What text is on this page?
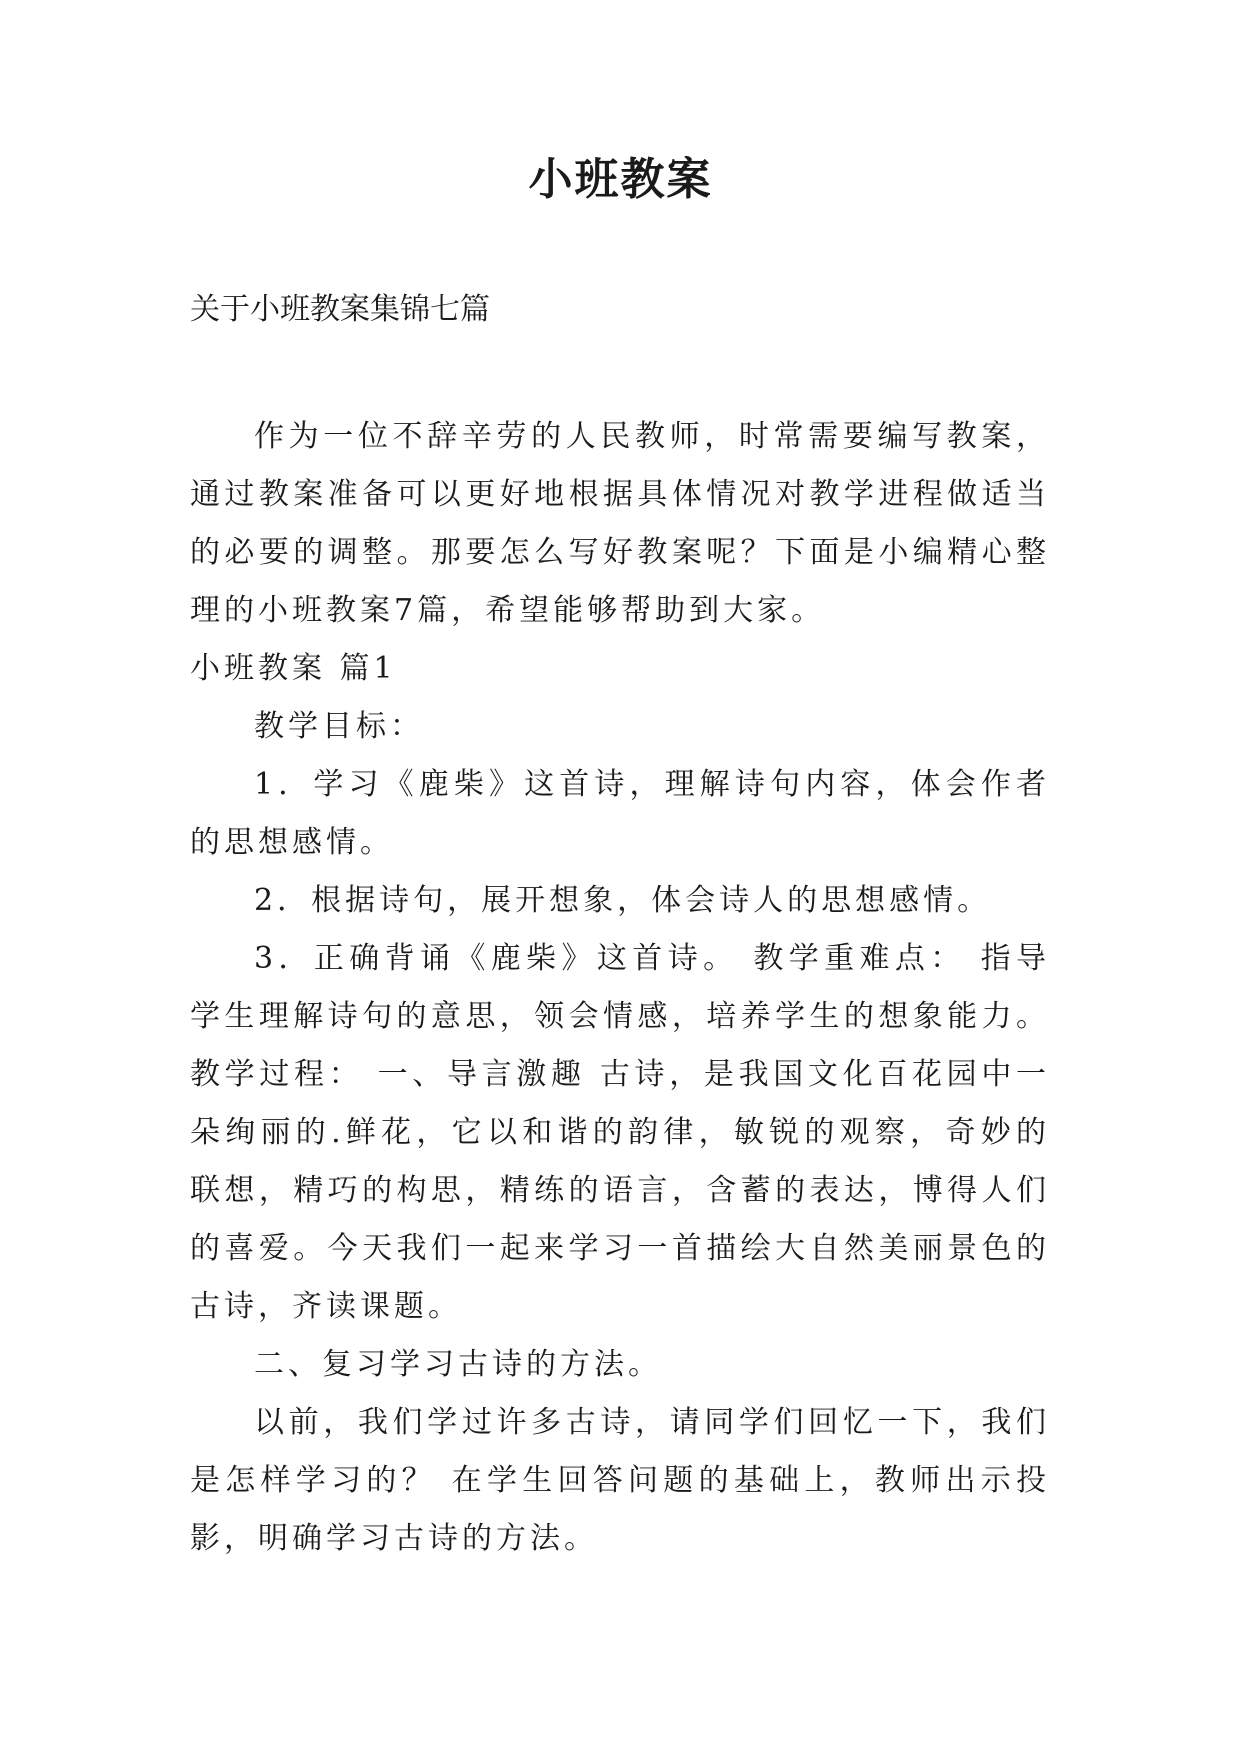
小班教案
关于小班教案集锦七篇

作为一位不辞辛劳的人民教师，时常需要编写教案，通过教案准备可以更好地根据具体情况对教学进程做适当的必要的调整。那要怎么写好教案呢？下面是小编精心整理的小班教案7篇，希望能够帮助到大家。

小班教案 篇1

教学目标：

1．学习《鹿柴》这首诗，理解诗句内容，体会作者的思想感情。

2．根据诗句，展开想象，体会诗人的思想感情。

3．正确背诵《鹿柴》这首诗。 教学重难点： 指导学生理解诗句的意思，领会情感，培养学生的想象能力。 教学过程： 一、导言激趣 古诗，是我国文化百花园中一朵绚丽的.鲜花，它以和谐的韵律，敏锐的观察，奇妙的联想，精巧的构思，精练的语言，含蓄的表达，博得人们的喜爱。今天我们一起来学习一首描绘大自然美丽景色的古诗，齐读课题。

二、复习学习古诗的方法。

以前，我们学过许多古诗，请同学们回忆一下，我们是怎样学习的？ 在学生回答问题的基础上，教师出示投影，明确学习古诗的方法。
